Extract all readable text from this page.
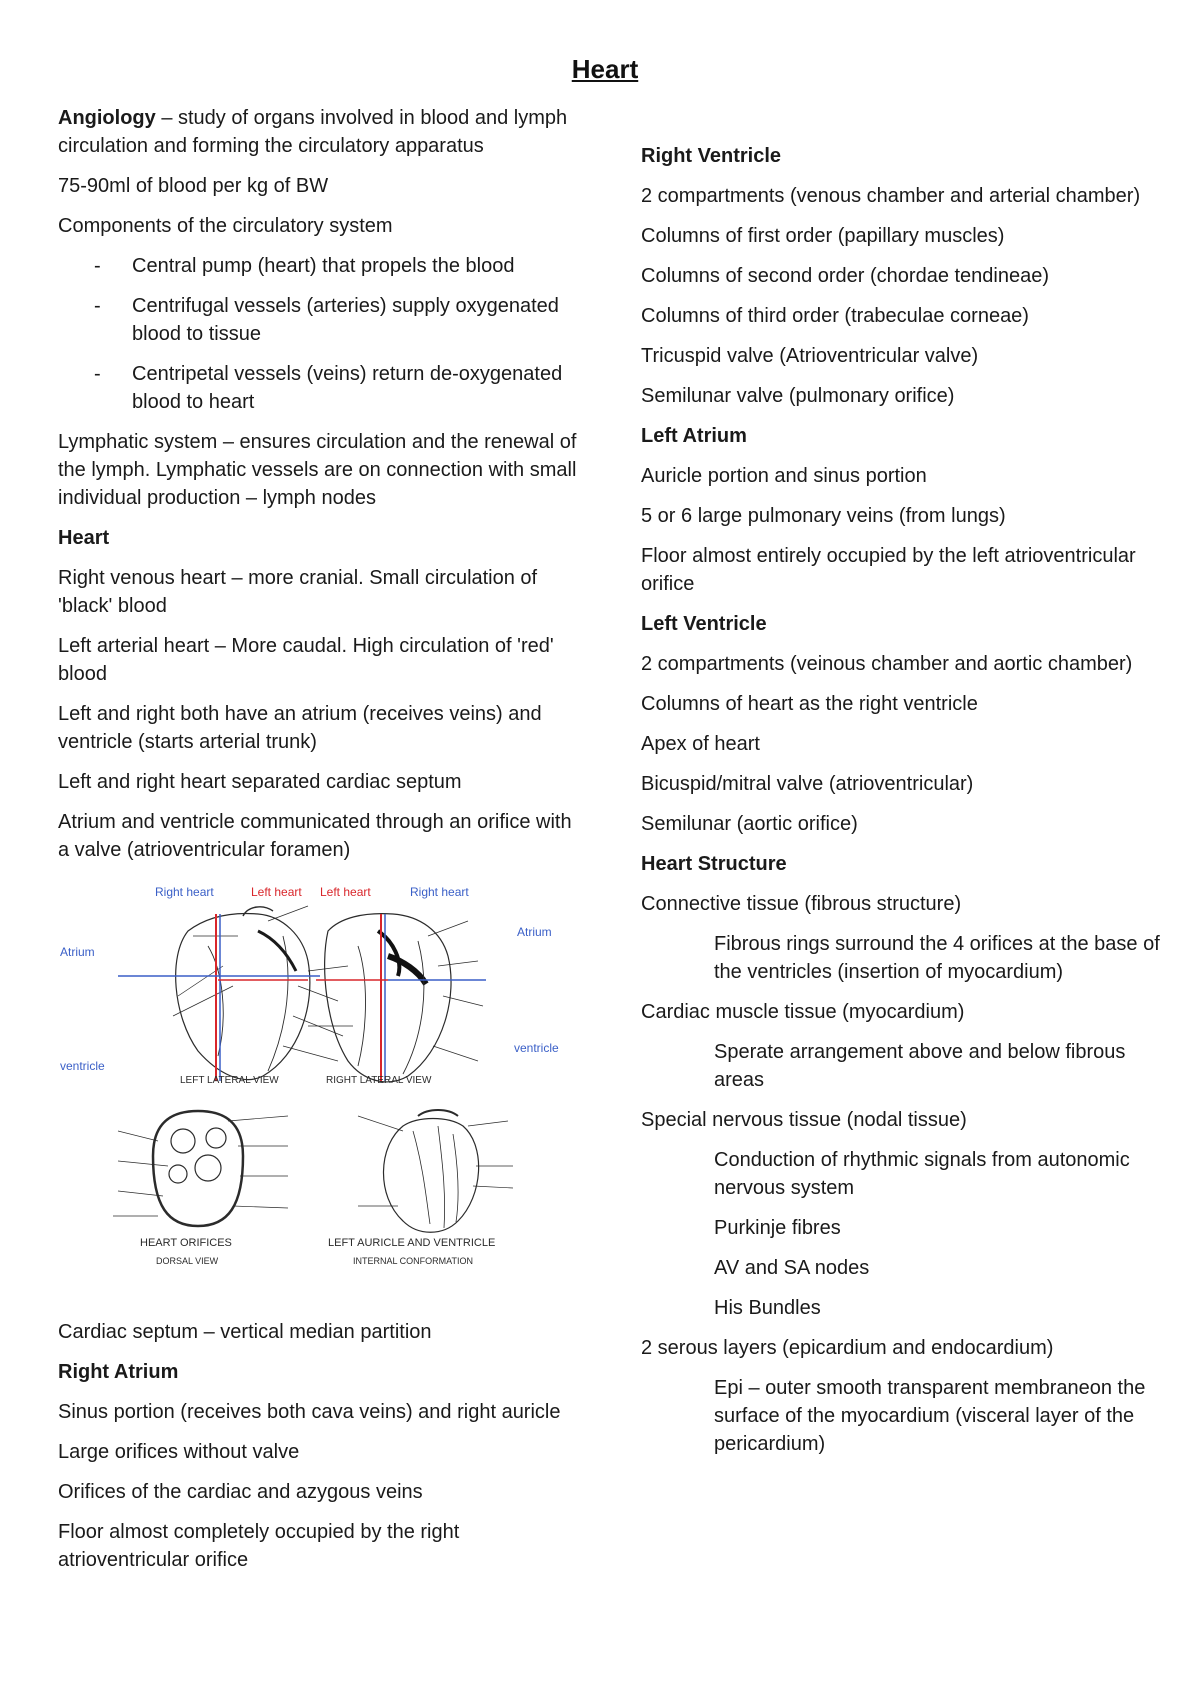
Heart

Angiology – study of organs involved in blood and lymph circulation and forming the circulatory apparatus

75-90ml of blood per kg of BW

Components of the circulatory system

- Central pump (heart) that propels the blood
- Centrifugal vessels (arteries) supply oxygenated blood to tissue
- Centripetal vessels (veins) return de-oxygenated blood to heart

Lymphatic system – ensures circulation and the renewal of the lymph. Lymphatic vessels are on connection with small individual production – lymph nodes

Heart

Right venous heart – more cranial. Small circulation of 'black' blood

Left arterial heart – More caudal. High circulation of 'red' blood

Left and right both have an atrium (receives veins) and ventricle (starts arterial trunk)

Left and right heart separated cardiac septum

Atrium and ventricle communicated through an orifice with a valve (atrioventricular foramen)

Right heart	Left heart Left heart	Right heart
Atrium
Atrium
ventricle
ventricle
LEFT LATERAL VIEW	RIGHT LATERAL VIEW
HEART ORIFICES
DORSAL VIEW
LEFT AURICLE AND VENTRICLE
INTERNAL CONFORMATION

Cardiac septum – vertical median partition

Right Atrium

Sinus portion (receives both cava veins) and right auricle

Large orifices without valve

Orifices of the cardiac and azygous veins

Floor almost completely occupied by the right atrioventricular orifice

Right Ventricle

2 compartments (venous chamber and arterial chamber)

Columns of first order (papillary muscles)

Columns of second order (chordae tendineae)

Columns of third order (trabeculae corneae)

Tricuspid valve (Atrioventricular valve)

Semilunar valve (pulmonary orifice)

Left Atrium

Auricle portion and sinus portion

5 or 6 large pulmonary veins (from lungs)

Floor almost entirely occupied by the left atrioventricular orifice

Left Ventricle

2 compartments (veinous chamber and aortic chamber)

Columns of heart as the right ventricle

Apex of heart

Bicuspid/mitral valve (atrioventricular)

Semilunar (aortic orifice)

Heart Structure

Connective tissue (fibrous structure)

Fibrous rings surround the 4 orifices at the base of the ventricles (insertion of myocardium)

Cardiac muscle tissue (myocardium)

Sperate arrangement above and below fibrous areas

Special nervous tissue (nodal tissue)

Conduction of rhythmic signals from autonomic nervous system

Purkinje fibres

AV and SA nodes

His Bundles

2 serous layers (epicardium and endocardium)

Epi – outer smooth transparent membraneon the surface of the myocardium (visceral layer of the pericardium)
